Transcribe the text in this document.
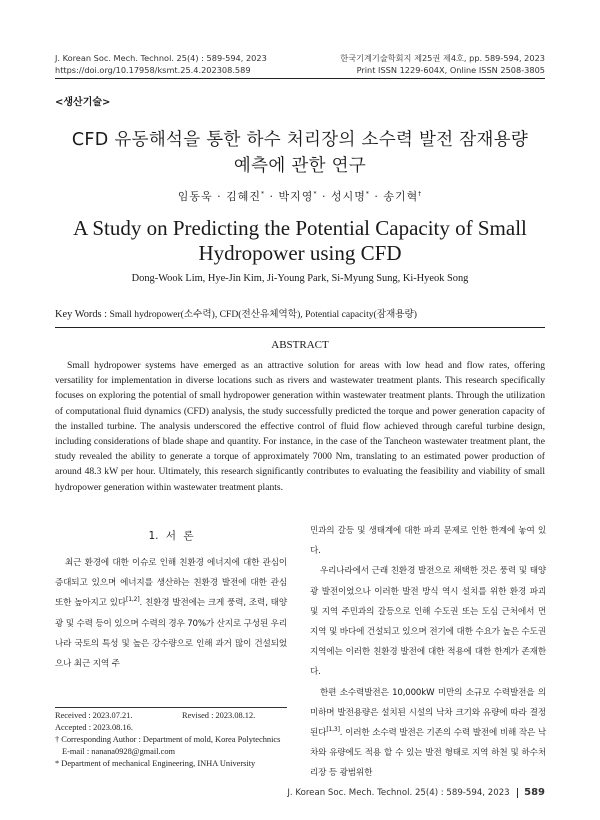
J. Korean Soc. Mech. Technol. 25(4) : 589-594, 2023
https://doi.org/10.17958/ksmt.25.4.202308.589
한국기계기술학회지 제25권 제4호, pp. 589-594, 2023
Print ISSN 1229-604X, Online ISSN 2508-3805
<생산기술>
CFD 유동해석을 통한 하수 처리장의 소수력 발전 잠재용량
예측에 관한 연구
임동욱 · 김혜진* · 박지영* · 성시명* · 송기혁†
A Study on Predicting the Potential Capacity of Small
Hydropower using CFD
Dong-Wook Lim, Hye-Jin Kim, Ji-Young Park, Si-Myung Sung, Ki-Hyeok Song
Key Words : Small hydropower(소수력), CFD(전산유체역학), Potential capacity(잠재용량)
ABSTRACT
Small hydropower systems have emerged as an attractive solution for areas with low head and flow rates, offering versatility for implementation in diverse locations such as rivers and wastewater treatment plants. This research specifically focuses on exploring the potential of small hydropower generation within wastewater treatment plants. Through the utilization of computational fluid dynamics (CFD) analysis, the study successfully predicted the torque and power generation capacity of the installed turbine. The analysis underscored the effective control of fluid flow achieved through careful turbine design, including considerations of blade shape and quantity. For instance, in the case of the Tancheon wastewater treatment plant, the study revealed the ability to generate a torque of approximately 7000 Nm, translating to an estimated power production of around 48.3 kW per hour. Ultimately, this research significantly contributes to evaluating the feasibility and viability of small hydropower generation within wastewater treatment plants.
1. 서 론

최근 환경에 대한 이슈로 인해 친환경 에너지에 대한 관심이 증대되고 있으며 에너지를 생산하는 친환경 발전에 대한 관심 또한 높아지고 있다[1,2]. 친환경 발전에는 크게 풍력, 조력, 태양광 및 수력 등이 있으며 수력의 경우 70%가 산지로 구성된 우리나라 국토의 특성 및 높은 강수량으로 인해 과거 많이 건설되었으나 최근 지역 주

Received : 2023.07.21.	Revised : 2023.08.12.
Accepted : 2023.08.16.
† Corresponding Author : Department of mold, Korea Polytechnics
E-mail : nanana0928@gmail.com
* Department of mechanical Engineering, INHA University

민과의 갈등 및 생태계에 대한 파괴 문제로 인한 한계에 놓여 있다.

우리나라에서 근래 친환경 발전으로 채택한 것은 풍력 및 태양광 발전이었으나 이러한 발전 방식 역시 설치를 위한 환경 파괴 및 지역 주민과의 갈등으로 인해 수도권 또는 도심 근처에서 먼 지역 및 바다에 건설되고 있으며 전기에 대한 수요가 높은 수도권 지역에는 이러한 친환경 발전에 대한 적용에 대한 한계가 존재한다.

한편 소수력발전은 10,000kW 미만의 소규모 수력발전을 의미하며 발전용량은 설치된 시설의 낙차 크기와 유량에 따라 결정된다[1,3]. 이러한 소수력 발전은 기존의 수력 발전에 비해 작은 낙차와 유량에도 적용 할 수 있는 발전 형태로 지역 하천 및 하수처리장 등 광범위한

J. Korean Soc. Mech. Technol. 25(4) : 589-594, 2023 589
